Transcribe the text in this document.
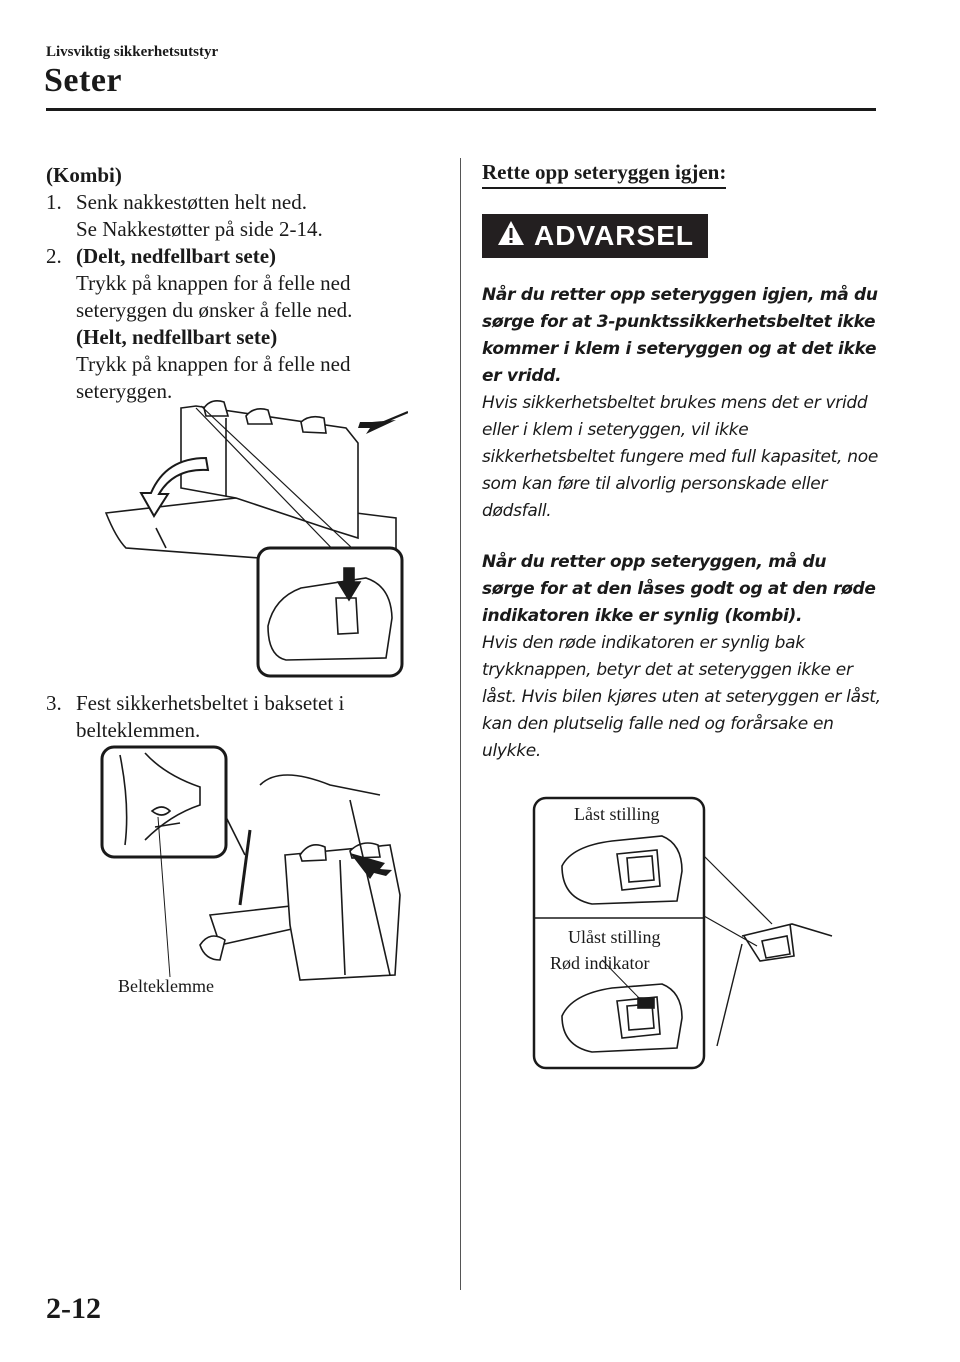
Livsviktig sikkerhetsutstyr
Seter

(Kombi)

1. Senk nakkestøtten helt ned.

Se Nakkestøtter på side 2-14.

2. (Delt, nedfellbart sete)

Trykk på knappen for å felle ned seteryggen du ønsker å felle ned.

(Helt, nedfellbart sete)

Trykk på knappen for å felle ned seteryggen.

3. Fest sikkerhetsbeltet i baksetet i belteklemmen.

Belteklemme
Rette opp seteryggen igjen:
ADVARSEL

Når du retter opp seteryggen igjen, må du sørge for at 3-punktssikkerhetsbeltet ikke kommer i klem i seteryggen og at det ikke er vridd.

Hvis sikkerhetsbeltet brukes mens det er vridd eller i klem i seteryggen, vil ikke sikkerhetsbeltet fungere med full kapasitet, noe som kan føre til alvorlig personskade eller dødsfall.

Når du retter opp seteryggen, må du sørge for at den låses godt og at den røde indikatoren ikke er synlig (kombi).

Hvis den røde indikatoren er synlig bak trykknappen, betyr det at seteryggen ikke er låst. Hvis bilen kjøres uten at seteryggen er låst, kan den plutselig falle ned og forårsake en ulykke.

Låst stilling
Ulåst stilling
Rød indikator
2-12
